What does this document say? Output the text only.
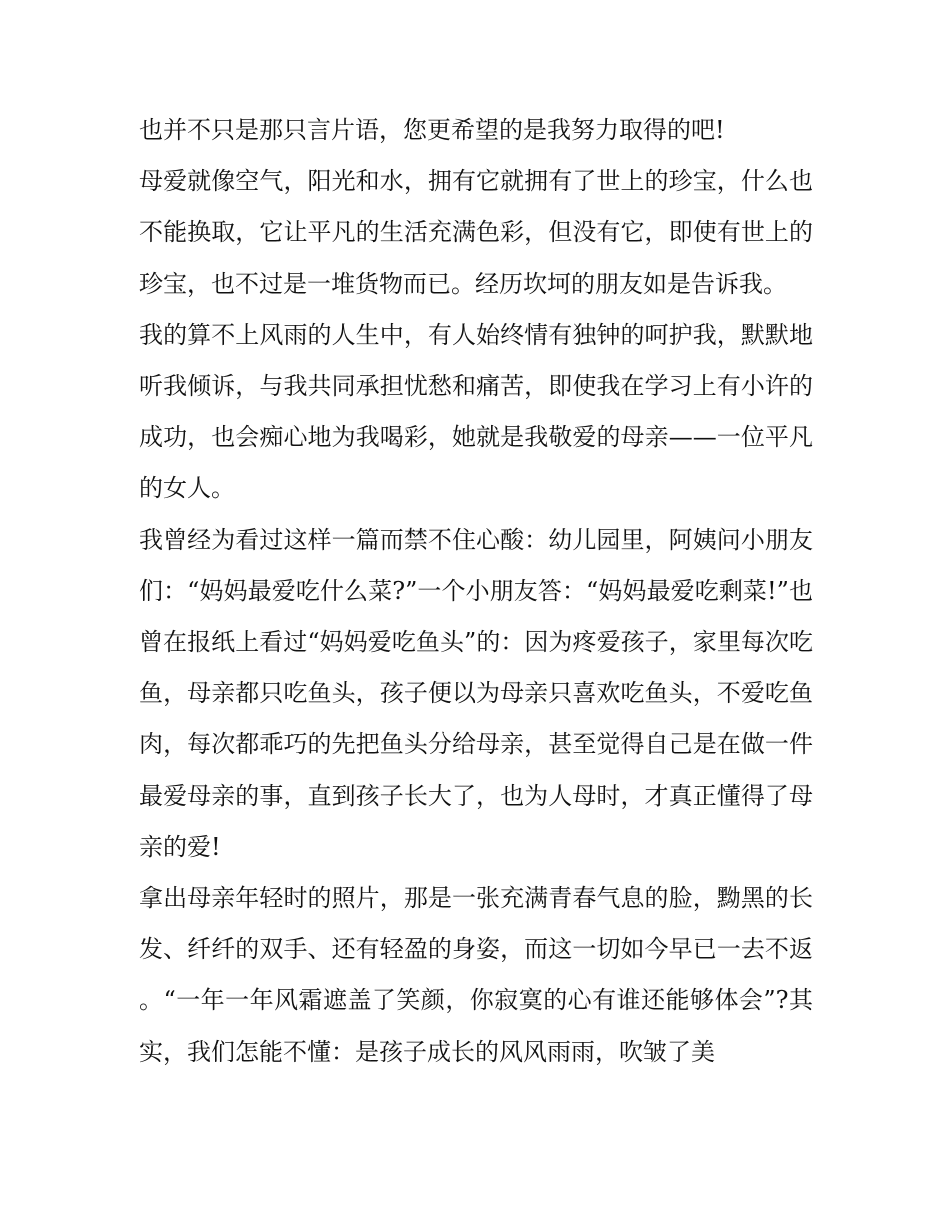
也并不只是那只言片语，您更希望的是我努力取得的吧!

母爱就像空气，阳光和水，拥有它就拥有了世上的珍宝，什么也不能换取，它让平凡的生活充满色彩，但没有它，即使有世上的珍宝，也不过是一堆货物而已。经历坎坷的朋友如是告诉我。

我的算不上风雨的人生中，有人始终情有独钟的呵护我，默默地听我倾诉，与我共同承担忧愁和痛苦，即使我在学习上有小许的成功，也会痴心地为我喝彩，她就是我敬爱的母亲——一位平凡的女人。

我曾经为看过这样一篇而禁不住心酸：幼儿园里，阿姨问小朋友们：“妈妈最爱吃什么菜?”一个小朋友答：“妈妈最爱吃剩菜!”也曾在报纸上看过“妈妈爱吃鱼头”的：因为疼爱孩子，家里每次吃鱼，母亲都只吃鱼头，孩子便以为母亲只喜欢吃鱼头，不爱吃鱼肉，每次都乖巧的先把鱼头分给母亲，甚至觉得自己是在做一件最爱母亲的事，直到孩子长大了，也为人母时，才真正懂得了母亲的爱!

拿出母亲年轻时的照片，那是一张充满青春气息的脸，黝黑的长发、纤纤的双手、还有轻盈的身姿，而这一切如今早已一去不返。“一年一年风霜遮盖了笑颜，你寂寞的心有谁还能够体会”?其实，我们怎能不懂：是孩子成长的风风雨雨，吹皱了美
